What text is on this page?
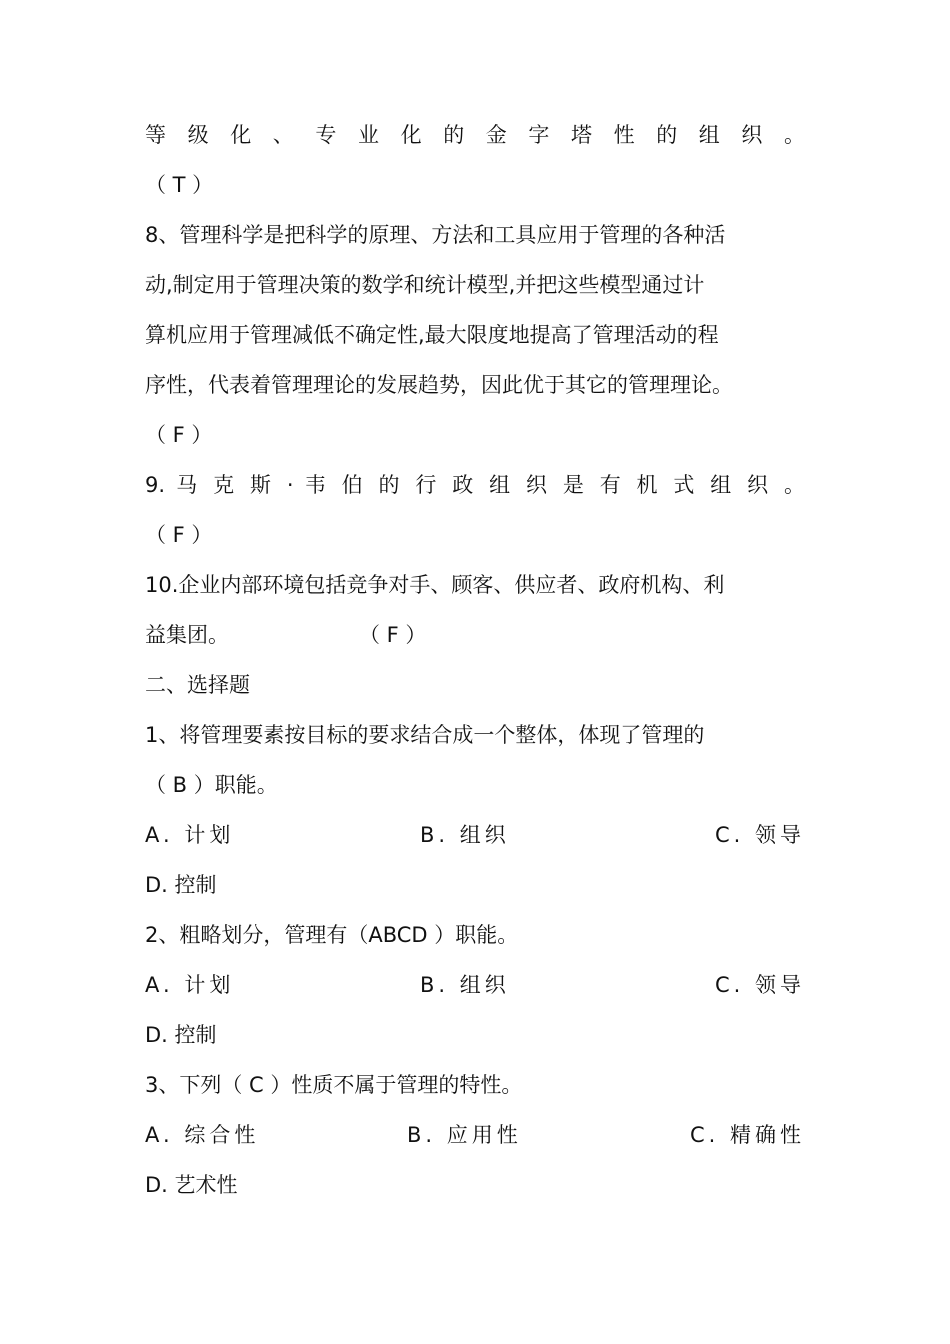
等 级 化 、 专 业 化 的 金 字 塔 性 的 组 织 。
（ T ）
8、管理科学是把科学的原理、方法和工具应用于管理的各种活
动,制定用于管理决策的数学和统计模型,并把这些模型通过计
算机应用于管理减低不确定性,最大限度地提高了管理活动的程
序性，代表着管理理论的发展趋势，因此优于其它的管理理论。
（ F ）
9. 马 克 斯 · 韦 伯 的 行 政 组 织 是 有 机 式 组 织 。
（ F ）
10.企业内部环境包括竞争对手、顾客、供应者、政府机构、利
益集团。	（ F ）
二、选择题
1、将管理要素按目标的要求结合成一个整体，体现了管理的
（ B ）职能。
A. 计划	B. 组织	C. 领导
D. 控制
2、粗略划分，管理有（ABCD ）职能。
A. 计划	B. 组织	C. 领导
D. 控制
3、下列（ C ）性质不属于管理的特性。
A. 综合性	B. 应用性	C. 精确性
D. 艺术性
